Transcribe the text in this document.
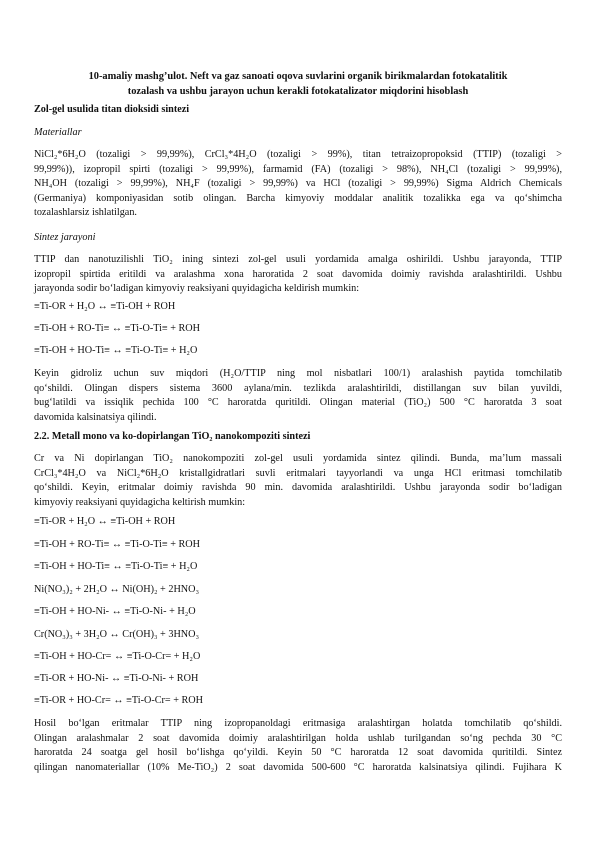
10-amaliy mashg’ulot. Neft va gaz sanoati oqova suvlarini organik birikmalardan fotokatalitik
tozalash va ushbu jarayon uchun kerakli fotokatalizator miqdorini hisoblash
Zol-gel usulida titan dioksidi sintezi
Materiallar
NiCl₂*6H₂O (tozaligi > 99,99%), CrCl₃*4H₂O (tozaligi > 99%), titan tetraizopropoksid (TTIP) (tozaligi >
99,99%)), izopropil spirti (tozaligi > 99,99%), farmamid (FA) (tozaligi > 98%), NH₄Cl (tozaligi > 99,99%),
NH₄OH (tozaligi > 99,99%), NH₄F (tozaligi > 99,99%) va HCl (tozaligi > 99,99%) Sigma Aldrich Chemicals
(Germaniya) komponiyasidan sotib olingan. Barcha kimyoviy moddalar analitik tozalikka ega va qo‘shimcha
tozalashlarsiz ishlatilgan.
Sintez jarayoni
TTIP dan nanotuzilishli TiO₂ ining sintezi zol-gel usuli yordamida amalga oshirildi. Ushbu jarayonda, TTIP
izopropil spirtida eritildi va aralashma xona haroratida 2 soat davomida doimiy ravishda aralashtirildi. Ushbu
jarayonda sodir bo‘ladigan kimyoviy reaksiyani quyidagicha keldirish mumkin:
≡Ti-OR + H₂O ↔ ≡Ti-OH + ROH
≡Ti-OH + RO-Ti≡ ↔ ≡Ti-O-Ti≡ + ROH
≡Ti-OH + HO-Ti≡ ↔ ≡Ti-O-Ti≡ + H₂O
Keyin gidroliz uchun suv miqdori (H₂O/TTIP ning mol nisbatlari 100/1) aralashish paytida tomchilatib
qo‘shildi. Olingan dispers sistema 3600 aylana/min. tezlikda aralashtirildi, distillangan suv bilan yuvildi,
bug‘latildi va issiqlik pechida 100 °C haroratda quritildi. Olingan material (TiO₂) 500 °C haroratda 3 soat
davomida kalsinatsiya qilindi.
2.2. Metall mono va ko-dopirlangan TiO₂ nanokompoziti sintezi
Cr va Ni dopirlangan TiO₂ nanokompoziti zol-gel usuli yordamida sintez qilindi. Bunda, ma’lum massali
CrCl₃*4H₂O va NiCl₂*6H₂O kristallgidratlari suvli eritmalari tayyorlandi va unga HCl eritmasi tomchilatib
qo‘shildi. Keyin, eritmalar doimiy ravishda 90 min. davomida aralashtirildi. Ushbu jarayonda sodir bo‘ladigan
kimyoviy reaksiyani quyidagicha keltirish mumkin:
≡Ti-OR + H₂O ↔ ≡Ti-OH + ROH
≡Ti-OH + RO-Ti≡ ↔ ≡Ti-O-Ti≡ + ROH
≡Ti-OH + HO-Ti≡ ↔ ≡Ti-O-Ti≡ + H₂O
Ni(NO₃)₂ + 2H₂O ↔ Ni(OH)₂ + 2HNO₃
≡Ti-OH + HO-Ni- ↔ ≡Ti-O-Ni- + H₂O
Cr(NO₃)₃ + 3H₂O ↔ Cr(OH)₃ + 3HNO₃
≡Ti-OH + HO-Cr= ↔ ≡Ti-O-Cr= + H₂O
≡Ti-OR + HO-Ni- ↔ ≡Ti-O-Ni- + ROH
≡Ti-OR + HO-Cr= ↔ ≡Ti-O-Cr= + ROH
Hosil bo‘lgan eritmalar TTIP ning izopropanoldagi eritmasiga aralashtirgan holatda tomchilatib qo‘shildi.
Olingan aralashmalar 2 soat davomida doimiy aralashtirilgan holda ushlab turilgandan so‘ng pechda 30 °C
haroratda 24 soatga gel hosil bo‘lishga qo‘yildi. Keyin 50 °C haroratda 12 soat davomida quritildi. Sintez
qilingan nanomateriallar (10% Me-TiO₂) 2 soat davomida 500-600 °C haroratda kalsinatsiya qilindi. Fujihara K
